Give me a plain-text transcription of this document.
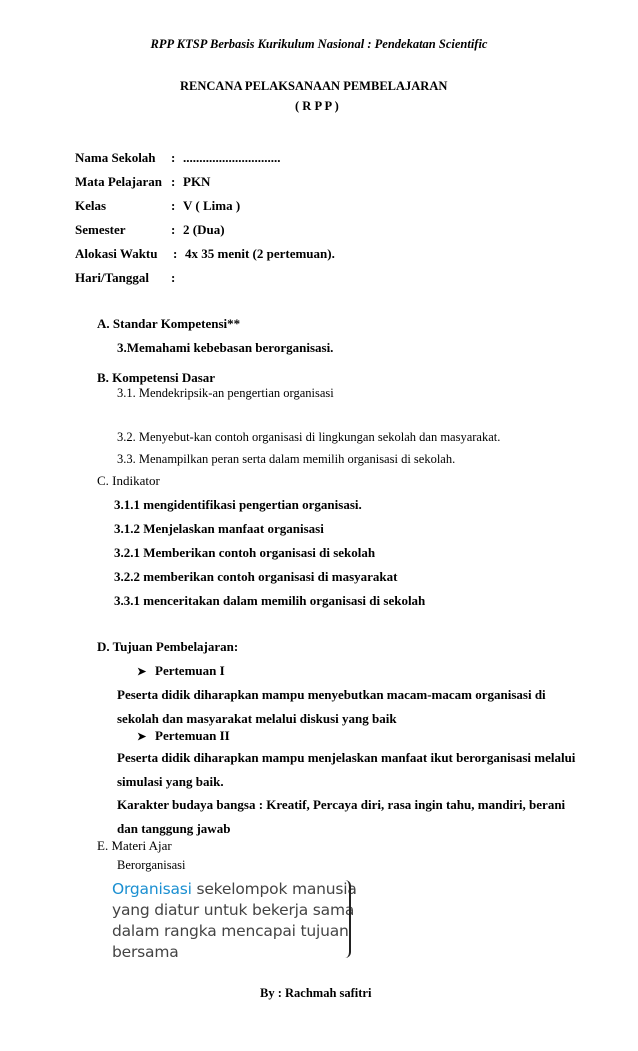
RPP KTSP Berbasis Kurikulum Nasional : Pendekatan Scientific
RENCANA PELAKSANAAN PEMBELAJARAN
( R P P )
Nama Sekolah : ..............................
Mata Pelajaran : PKN
Kelas	: V ( Lima )
Semester	: 2 (Dua)
Alokasi Waktu : 4x 35 menit (2 pertemuan).
Hari/Tanggal :
A. Standar Kompetensi**
3.Memahami kebebasan berorganisasi.
B. Kompetensi Dasar
3.1. Mendekripsik-an pengertian organisasi
3.2. Menyebut-kan contoh organisasi di lingkungan sekolah dan masyarakat.
3.3. Menampilkan peran serta dalam memilih organisasi di sekolah.
C. Indikator
3.1.1 mengidentifikasi pengertian organisasi.
3.1.2 Menjelaskan manfaat organisasi
3.2.1 Memberikan contoh organisasi di sekolah
3.2.2 memberikan contoh organisasi di masyarakat
3.3.1 menceritakan dalam memilih organisasi di sekolah
D. Tujuan Pembelajaran:
➤ Pertemuan I
Peserta didik diharapkan mampu menyebutkan macam-macam organisasi di
sekolah dan masyarakat melalui diskusi yang baik
➤ Pertemuan II
Peserta didik diharapkan mampu menjelaskan manfaat ikut berorganisasi melalui
simulasi yang baik.
Karakter budaya bangsa : Kreatif, Percaya diri, rasa ingin tahu, mandiri, berani
dan tanggung jawab
E. Materi Ajar
Berorganisasi
Organisasi sekelompok manusia
yang diatur untuk bekerja sama
dalam rangka mencapai tujuan
bersama
By : Rachmah safitri
